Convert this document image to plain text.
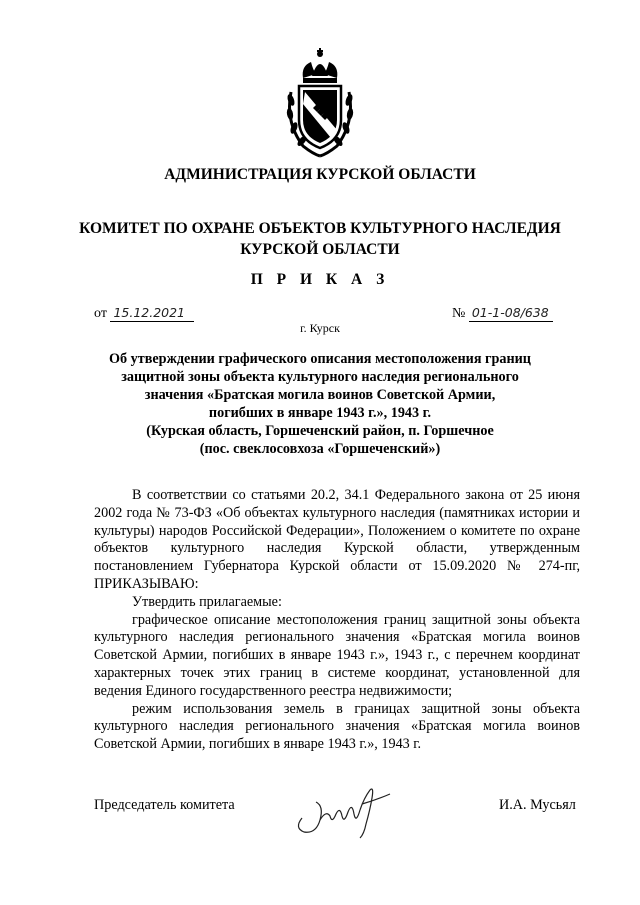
АДМИНИСТРАЦИЯ КУРСКОЙ ОБЛАСТИ
КОМИТЕТ ПО ОХРАНЕ ОБЪЕКТОВ КУЛЬТУРНОГО НАСЛЕДИЯ
КУРСКОЙ ОБЛАСТИ
П Р И К А З
от 15.12.2021	№ 01-1-08/638
г. Курск
Об утверждении графического описания местоположения границ
защитной зоны объекта культурного наследия регионального
значения «Братская могила воинов Советской Армии,
погибших в январе 1943 г.», 1943 г.
(Курская область, Горшеченский район, п. Горшечное
(пос. свеклосовхоза «Горшеченский»)

В соответствии со статьями 20.2, 34.1 Федерального закона от 25 июня 2002 года № 73-ФЗ «Об объектах культурного наследия (памятниках истории и культуры) народов Российской Федерации», Положением о комитете по охране объектов культурного наследия Курской области, утвержденным постановлением Губернатора Курской области от 15.09.2020 № 274-пг, ПРИКАЗЫВАЮ:

Утвердить прилагаемые:

графическое описание местоположения границ защитной зоны объекта культурного наследия регионального значения «Братская могила воинов Советской Армии, погибших в январе 1943 г.», 1943 г., с перечнем координат характерных точек этих границ в системе координат, установленной для ведения Единого государственного реестра недвижимости;

режим использования земель в границах защитной зоны объекта культурного наследия регионального значения «Братская могила воинов Советской Армии, погибших в январе 1943 г.», 1943 г.

Председатель комитета	И.А. Мусьял
